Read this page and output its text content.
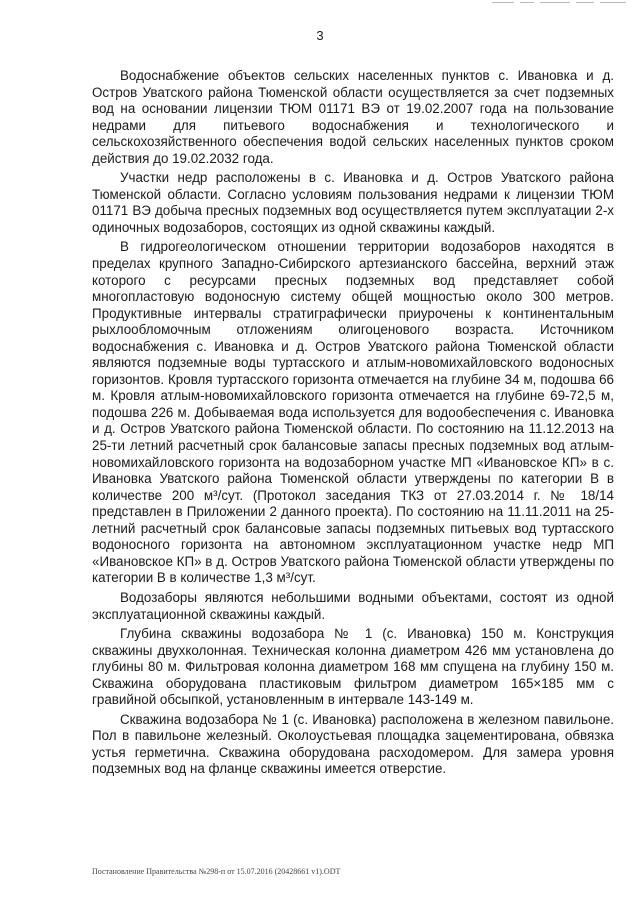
3

Водоснабжение объектов сельских населенных пунктов с. Ивановка и д. Остров Уватского района Тюменской области осуществляется за счет подземных вод на основании лицензии ТЮМ 01171 ВЭ от 19.02.2007 года на пользование недрами для питьевого водоснабжения и технологического и сельскохозяйственного обеспечения водой сельских населенных пунктов сроком действия до 19.02.2032 года.

Участки недр расположены в с. Ивановка и д. Остров Уватского района Тюменской области. Согласно условиям пользования недрами к лицензии ТЮМ 01171 ВЭ добыча пресных подземных вод осуществляется путем эксплуатации 2-х одиночных водозаборов, состоящих из одной скважины каждый.

В гидрогеологическом отношении территории водозаборов находятся в пределах крупного Западно-Сибирского артезианского бассейна, верхний этаж которого с ресурсами пресных подземных вод представляет собой многопластовую водоносную систему общей мощностью около 300 метров. Продуктивные интервалы стратиграфически приурочены к континентальным рыхлообломочным отложениям олигоценового возраста. Источником водоснабжения с. Ивановка и д. Остров Уватского района Тюменской области являются подземные воды туртасского и атлым-новомихайловского водоносных горизонтов. Кровля туртасского горизонта отмечается на глубине 34 м, подошва 66 м. Кровля атлым-новомихайловского горизонта отмечается на глубине 69-72,5 м, подошва 226 м. Добываемая вода используется для водообеспечения с. Ивановка и д. Остров Уватского района Тюменской области. По состоянию на 11.12.2013 на 25-ти летний расчетный срок балансовые запасы пресных подземных вод атлым-новомихайловского горизонта на водозаборном участке МП «Ивановское КП» в с. Ивановка Уватского района Тюменской области утверждены по категории В в количестве 200 м³/сут. (Протокол заседания ТКЗ от 27.03.2014 г. № 18/14 представлен в Приложении 2 данного проекта). По состоянию на 11.11.2011 на 25-летний расчетный срок балансовые запасы подземных питьевых вод туртасского водоносного горизонта на автономном эксплуатационном участке недр МП «Ивановское КП» в д. Остров Уватского района Тюменской области утверждены по категории В в количестве 1,3 м³/сут.

Водозаборы являются небольшими водными объектами, состоят из одной эксплуатационной скважины каждый.

Глубина скважины водозабора № 1 (с. Ивановка) 150 м. Конструкция скважины двухколонная. Техническая колонна диаметром 426 мм установлена до глубины 80 м. Фильтровая колонна диаметром 168 мм спущена на глубину 150 м. Скважина оборудована пластиковым фильтром диаметром 165×185 мм с гравийной обсыпкой, установленным в интервале 143-149 м.

Скважина водозабора № 1 (с. Ивановка) расположена в железном павильоне. Пол в павильоне железный. Околоустьевая площадка зацементирована, обвязка устья герметична. Скважина оборудована расходомером. Для замера уровня подземных вод на фланце скважины имеется отверстие.

Постановление Правительства №298-п от 15.07.2016 (20428661 v1).ODT
